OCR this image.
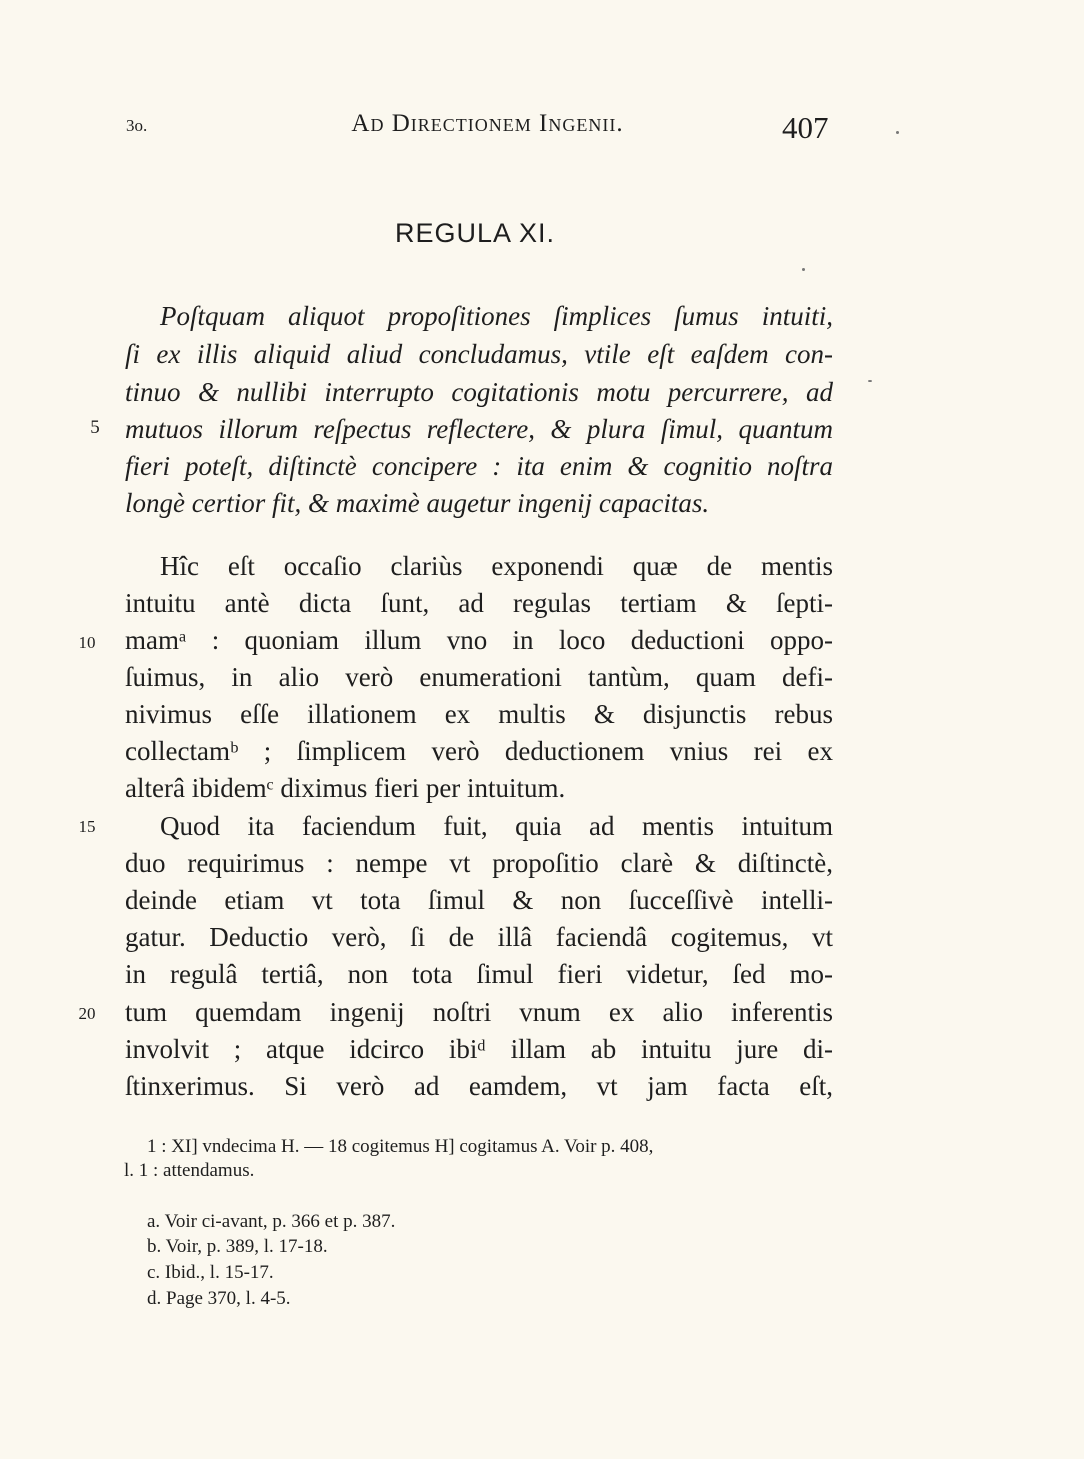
3o.	Ad Directionem Ingenii.	407
REGULA XI.
Poſtquam aliquot propoſitiones ſimplices ſumus intuiti,
ſi ex illis aliquid aliud concludamus, vtile eſt eaſdem con-
tinuo & nullibi interrupto cogitationis motu percurrere, ad
mutuos illorum reſpectus reflectere, & plura ſimul, quantum
fieri poteſt, diſtinctè concipere : ita enim & cognitio noſtra
longè certior fit, & maximè augetur ingenij capacitas.
Hîc eſt occaſio clariùs exponendi quæ de mentis
intuitu antè dicta ſunt, ad regulas tertiam & ſepti-
mamᵃ : quoniam illum vno in loco deductioni oppo-
ſuimus, in alio verò enumerationi tantùm, quam defi-
nivimus eſſe illationem ex multis & disjunctis rebus
collectamᵇ ; ſimplicem verò deductionem vnius rei ex
alterâ ibidemᶜ diximus fieri per intuitum.
Quod ita faciendum fuit, quia ad mentis intuitum
duo requirimus : nempe vt propoſitio clarè & diſtinctè,
deinde etiam vt tota ſimul & non ſucceſſivè intelli-
gatur. Deductio verò, ſi de illâ faciendâ cogitemus, vt
in regulâ tertiâ, non tota ſimul fieri videtur, ſed mo-
tum quemdam ingenij noſtri vnum ex alio inferentis
involvit ; atque idcirco ibiᵈ illam ab intuitu jure di-
ſtinxerimus. Si verò ad eamdem, vt jam facta eſt,
5
10
15
20
1 : XI] vndecima H. — 18 cogitemus H] cogitamus A. Voir p. 408,
l. 1 : attendamus.
a. Voir ci-avant, p. 366 et p. 387.
b. Voir, p. 389, l. 17-18.
c. Ibid., l. 15-17.
d. Page 370, l. 4-5.
